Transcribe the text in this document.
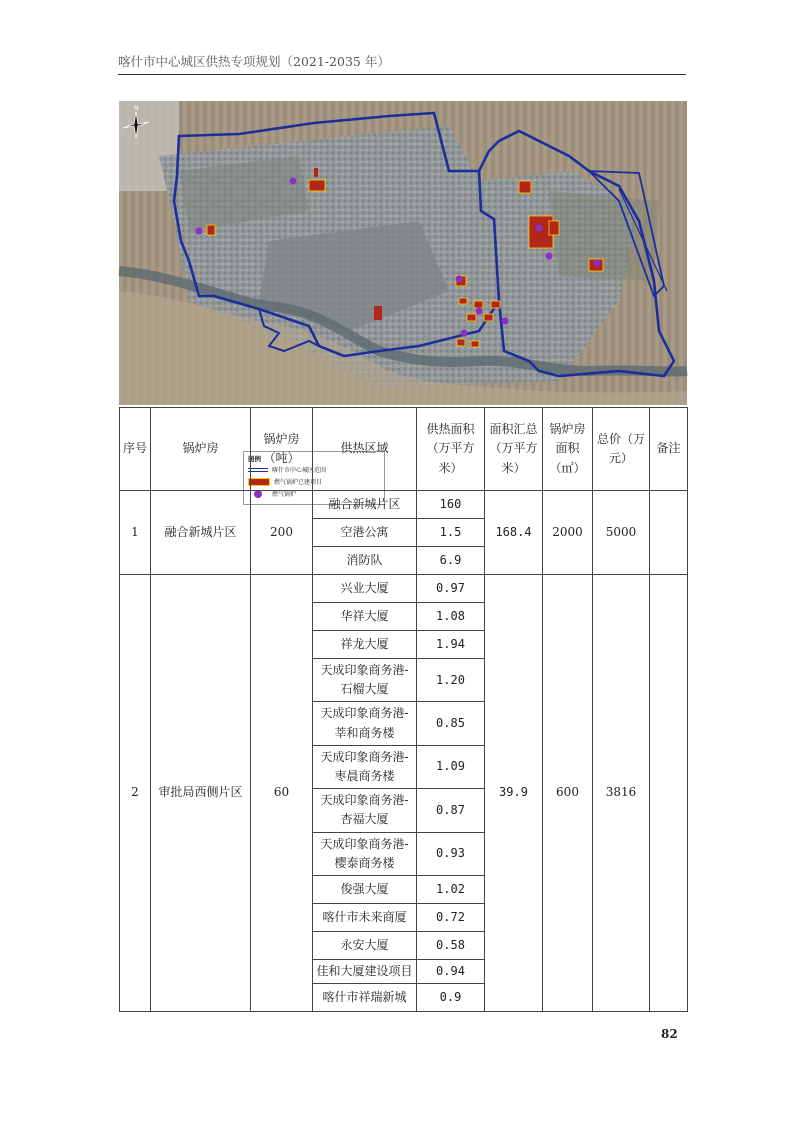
喀什市中心城区供热专项规划（2021-2035 年）
图例
喀什市中心城区范围
燃气锅炉已建项目
燃气锅炉
N
序号	锅炉房	锅炉房（吨）	供热区域	供热面积（万平方米）	面积汇总（万平方米）	锅炉房面积（㎡）	总价（万元）	备注
1	融合新城片区	200	融合新城片区	160	168.4	2000	5000	
			空港公寓	1.5				
			消防队	6.9				
2	审批局西侧片区	60	兴业大厦	0.97	39.9	600	3816	
			华祥大厦	1.08				
			祥龙大厦	1.94				
			天成印象商务港-石榴大厦	1.20				
			天成印象商务港-莘和商务楼	0.85				
			天成印象商务港-枣晨商务楼	1.09				
			天成印象商务港-杏福大厦	0.87				
			天成印象商务港-樱泰商务楼	0.93				
			俊强大厦	1.02				
			喀什市未来商厦	0.72				
			永安大厦	0.58				
			佳和大厦建设项目	0.94				
			喀什市祥瑞新城	0.9				
82
